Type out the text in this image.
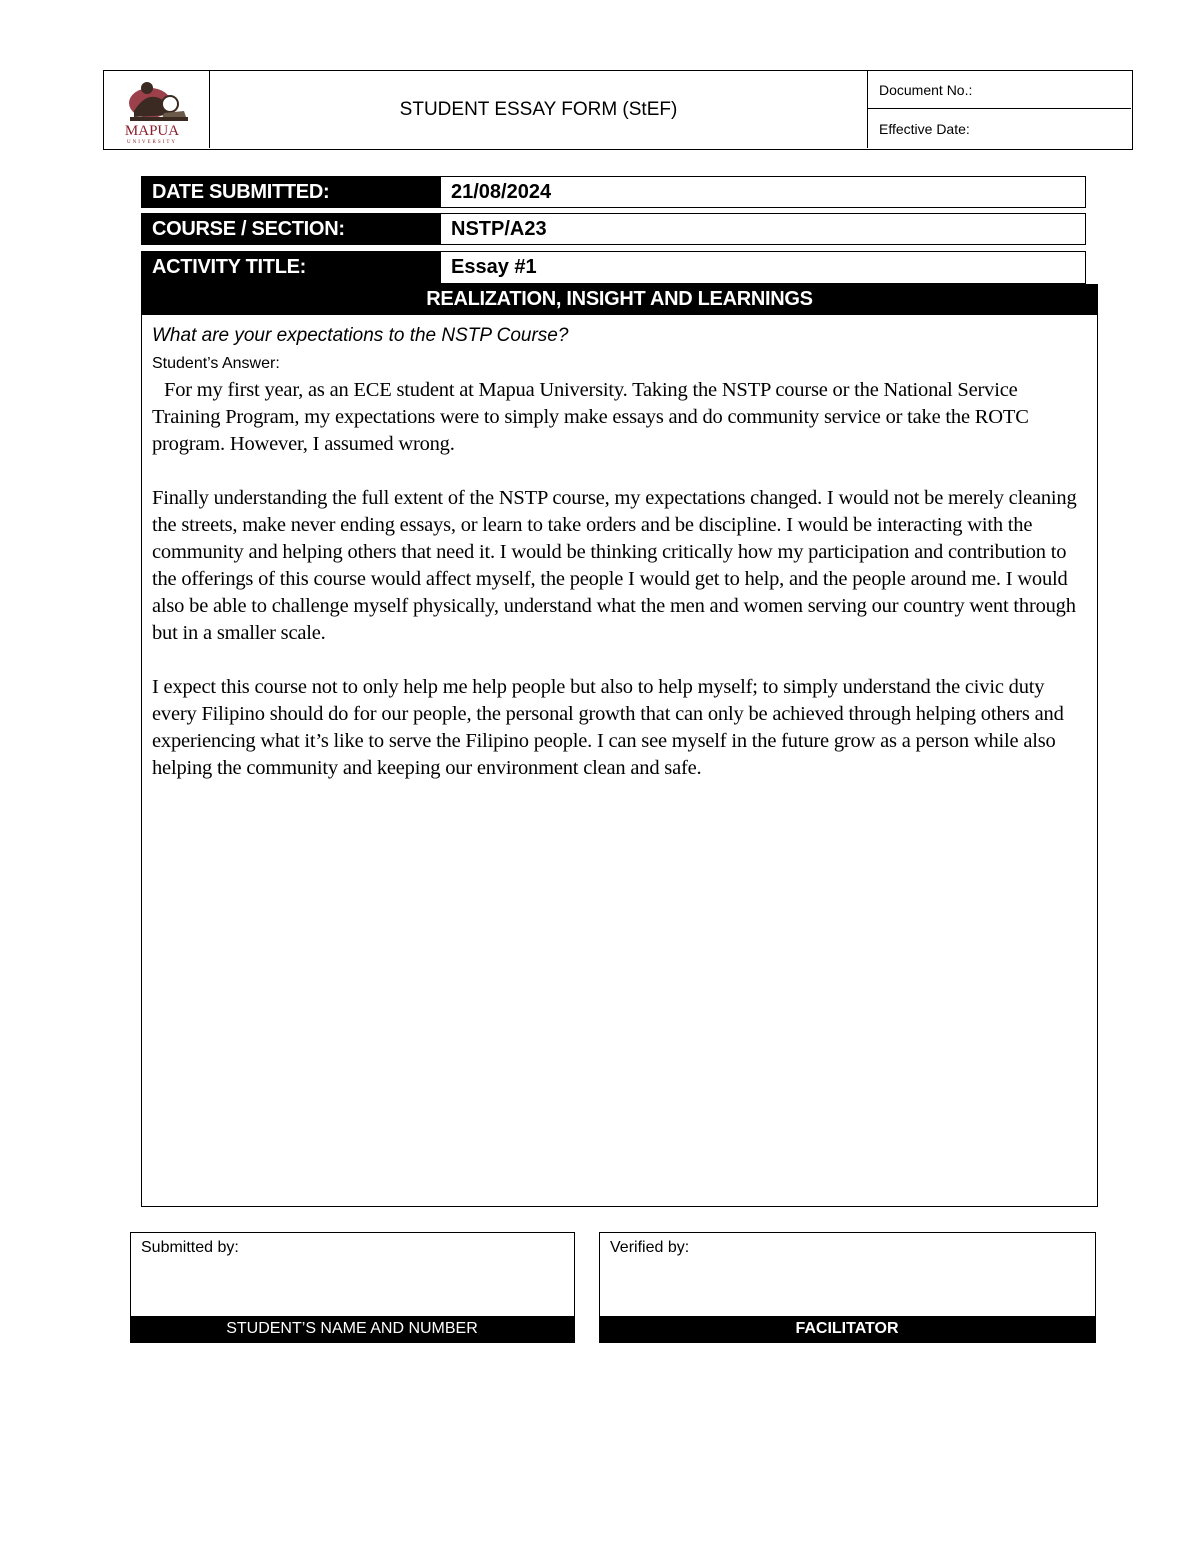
MAPUA
UNIVERSITY
STUDENT ESSAY FORM (StEF)
Document No.:
Effective Date:
DATE SUBMITTED:	21/08/2024
COURSE / SECTION:	NSTP/A23
ACTIVITY TITLE:	Essay #1
REALIZATION, INSIGHT AND LEARNINGS
What are your expectations to the NSTP Course?
Student’s Answer:

For my first year, as an ECE student at Mapua University. Taking the NSTP course or the National Service Training Program, my expectations were to simply make essays and do community service or take the ROTC program. However, I assumed wrong.

Finally understanding the full extent of the NSTP course, my expectations changed. I would not be merely cleaning the streets, make never ending essays, or learn to take orders and be discipline. I would be interacting with the community and helping others that need it. I would be thinking critically how my participation and contribution to the offerings of this course would affect myself, the people I would get to help, and the people around me. I would also be able to challenge myself physically, understand what the men and women serving our country went through but in a smaller scale.

I expect this course not to only help me help people but also to help myself; to simply understand the civic duty every Filipino should do for our people, the personal growth that can only be achieved through helping others and experiencing what it’s like to serve the Filipino people. I can see myself in the future grow as a person while also helping the community and keeping our environment clean and safe.

Submitted by:
STUDENT’S NAME AND NUMBER
Verified by:
FACILITATOR
